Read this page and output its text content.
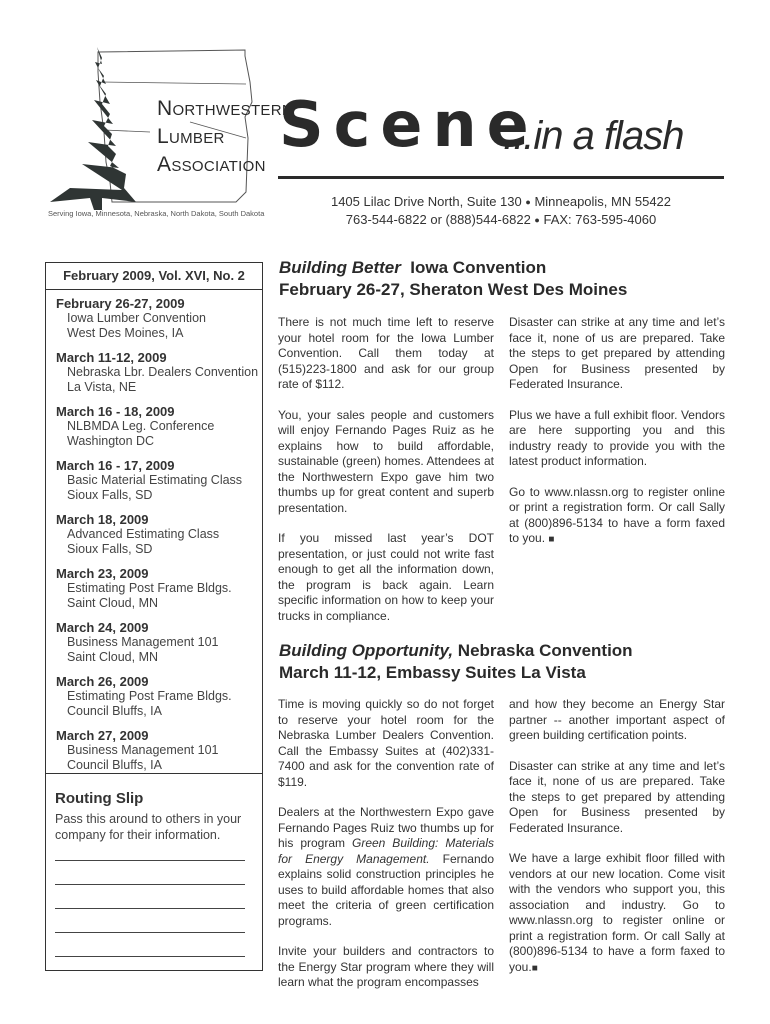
NORTHWESTERN
LUMBER
ASSOCIATION
Serving Iowa, Minnesota, Nebraska, North Dakota, South Dakota
Scene
...in a flash
1405 Lilac Drive North, Suite 130 ● Minneapolis, MN 55422
763-544-6822 or (888)544-6822 ● FAX: 763-595-4060
February 2009, Vol. XVI, No. 2
February 26-27, 2009
Iowa Lumber Convention
West Des Moines, IA
March 11-12, 2009
Nebraska Lbr. Dealers Convention
La Vista, NE
March 16 - 18, 2009
NLBMDA Leg. Conference
Washington DC
March 16 - 17, 2009
Basic Material Estimating Class
Sioux Falls, SD
March 18, 2009
Advanced Estimating Class
Sioux Falls, SD
March 23, 2009
Estimating Post Frame Bldgs.
Saint Cloud, MN
March 24, 2009
Business Management 101
Saint Cloud, MN
March 26, 2009
Estimating Post Frame Bldgs.
Council Bluffs, IA
March 27, 2009
Business Management 101
Council Bluffs, IA
Routing Slip
Pass this around to others in your company for their information.
Building Better Iowa Convention
February 26-27, Sheraton West Des Moines

There is not much time left to reserve your hotel room for the Iowa Lumber Convention. Call them today at (515)223-1800 and ask for our group rate of $112.

You, your sales people and customers will enjoy Fernando Pages Ruiz as he explains how to build affordable, sustainable (green) homes. Attendees at the Northwestern Expo gave him two thumbs up for great content and superb presentation.

If you missed last year’s DOT presentation, or just could not write fast enough to get all the information down, the program is back again. Learn specific information on how to keep your trucks in compliance.

Disaster can strike at any time and let’s face it, none of us are prepared. Take the steps to get prepared by attending Open for Business presented by Federated Insurance.

Plus we have a full exhibit floor. Vendors are here supporting you and this industry ready to provide you with the latest product information.

Go to www.nlassn.org to register online or print a registration form. Or call Sally at (800)896-5134 to have a form faxed to you. ■

Building Opportunity, Nebraska Convention
March 11-12, Embassy Suites La Vista

Time is moving quickly so do not forget to reserve your hotel room for the Nebraska Lumber Dealers Convention. Call the Embassy Suites at (402)331-7400 and ask for the convention rate of $119.

Dealers at the Northwestern Expo gave Fernando Pages Ruiz two thumbs up for his program Green Building: Materials for Energy Management. Fernando explains solid construction principles he uses to build affordable homes that also meet the criteria of green certification programs.

Invite your builders and contractors to the Energy Star program where they will learn what the program encompasses

and how they become an Energy Star partner -- another important aspect of green building certification points.

Disaster can strike at any time and let’s face it, none of us are prepared. Take the steps to get prepared by attending Open for Business presented by Federated Insurance.

We have a large exhibit floor filled with vendors at our new location. Come visit with the vendors who support you, this association and industry. Go to www.nlassn.org to register online or print a registration form. Or call Sally at (800)896-5134 to have a form faxed to you.■
